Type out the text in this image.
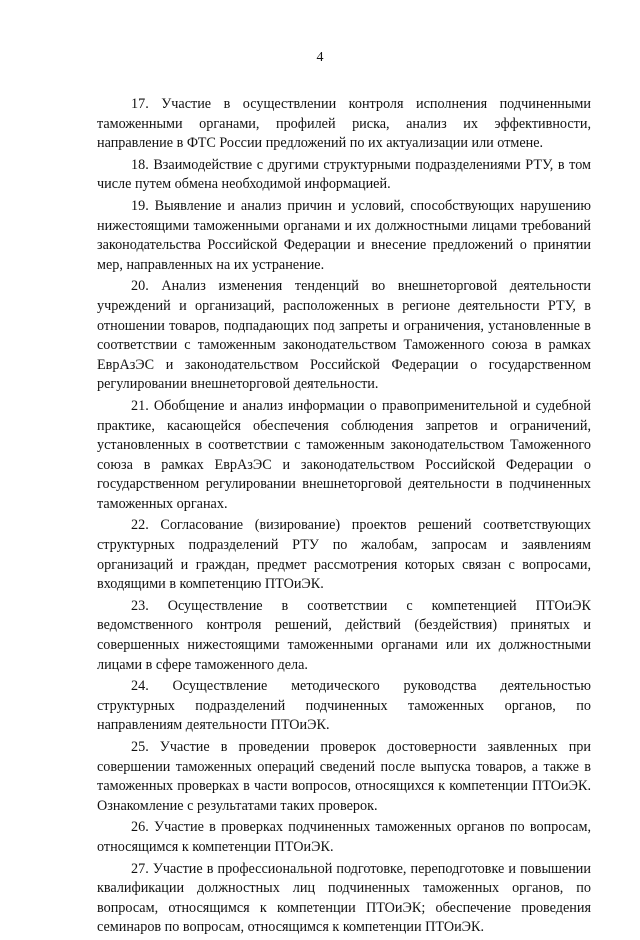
4

17. Участие в осуществлении контроля исполнения подчиненными таможенными органами, профилей риска, анализ их эффективности, направление в ФТС России предложений по их актуализации или отмене.

18. Взаимодействие с другими структурными подразделениями РТУ, в том числе путем обмена необходимой информацией.

19. Выявление и анализ причин и условий, способствующих нарушению нижестоящими таможенными органами и их должностными лицами требований законодательства Российской Федерации и внесение предложений о принятии мер, направленных на их устранение.

20. Анализ изменения тенденций во внешнеторговой деятельности учреждений и организаций, расположенных в регионе деятельности РТУ, в отношении товаров, подпадающих под запреты и ограничения, установленные в соответствии с таможенным законодательством Таможенного союза в рамках ЕврАзЭС и законодательством Российской Федерации о государственном регулировании внешнеторговой деятельности.

21. Обобщение и анализ информации о правоприменительной и судебной практике, касающейся обеспечения соблюдения запретов и ограничений, установленных в соответствии с таможенным законодательством Таможенного союза в рамках ЕврАзЭС и законодательством Российской Федерации о государственном регулировании внешнеторговой деятельности в подчиненных таможенных органах.

22. Согласование (визирование) проектов решений соответствующих структурных подразделений РТУ по жалобам, запросам и заявлениям организаций и граждан, предмет рассмотрения которых связан с вопросами, входящими в компетенцию ПТОиЭК.

23. Осуществление в соответствии с компетенцией ПТОиЭК ведомственного контроля решений, действий (бездействия) принятых и совершенных нижестоящими таможенными органами или их должностными лицами в сфере таможенного дела.

24. Осуществление методического руководства деятельностью структурных подразделений подчиненных таможенных органов, по направлениям деятельности ПТОиЭК.

25. Участие в проведении проверок достоверности заявленных при совершении таможенных операций сведений после выпуска товаров, а также в таможенных проверках в части вопросов, относящихся к компетенции ПТОиЭК. Ознакомление с результатами таких проверок.

26. Участие в проверках подчиненных таможенных органов по вопросам, относящимся к компетенции ПТОиЭК.

27. Участие в профессиональной подготовке, переподготовке и повышении квалификации должностных лиц подчиненных таможенных органов, по вопросам, относящимся к компетенции ПТОиЭК; обеспечение проведения семинаров по вопросам, относящимся к компетенции ПТОиЭК.
